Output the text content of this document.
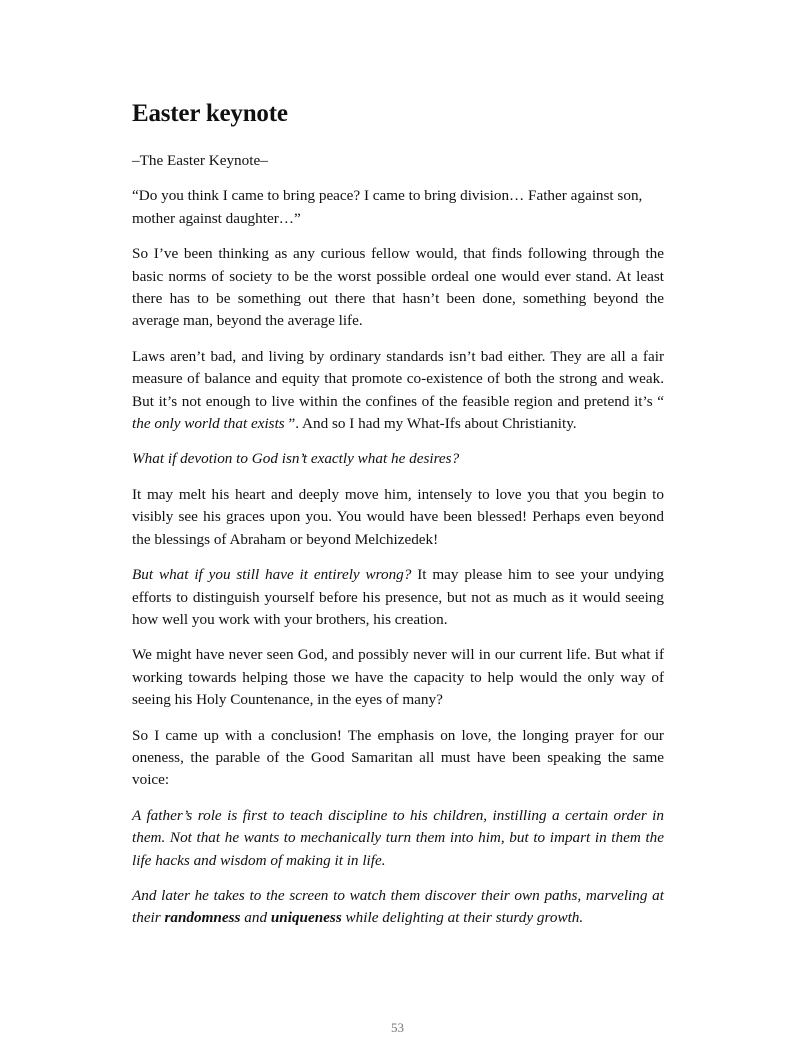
Easter keynote

–The Easter Keynote–

“Do you think I came to bring peace? I came to bring division… Father against son, mother against daughter…”

So I’ve been thinking as any curious fellow would, that finds following through the basic norms of society to be the worst possible ordeal one would ever stand. At least there has to be something out there that hasn’t been done, something beyond the average man, beyond the average life.

Laws aren’t bad, and living by ordinary standards isn’t bad either. They are all a fair measure of balance and equity that promote co-existence of both the strong and weak. But it’s not enough to live within the confines of the feasible region and pretend it’s “ the only world that exists ”. And so I had my What-Ifs about Christianity.

What if devotion to God isn’t exactly what he desires?

It may melt his heart and deeply move him, intensely to love you that you begin to visibly see his graces upon you. You would have been blessed! Perhaps even beyond the blessings of Abraham or beyond Melchizedek!

But what if you still have it entirely wrong? It may please him to see your undying efforts to distinguish yourself before his presence, but not as much as it would seeing how well you work with your brothers, his creation.

We might have never seen God, and possibly never will in our current life. But what if working towards helping those we have the capacity to help would the only way of seeing his Holy Countenance, in the eyes of many?

So I came up with a conclusion! The emphasis on love, the longing prayer for our oneness, the parable of the Good Samaritan all must have been speaking the same voice:

A father’s role is first to teach discipline to his children, instilling a certain order in them. Not that he wants to mechanically turn them into him, but to impart in them the life hacks and wisdom of making it in life.

And later he takes to the screen to watch them discover their own paths, marveling at their randomness and uniqueness while delighting at their sturdy growth.

53
